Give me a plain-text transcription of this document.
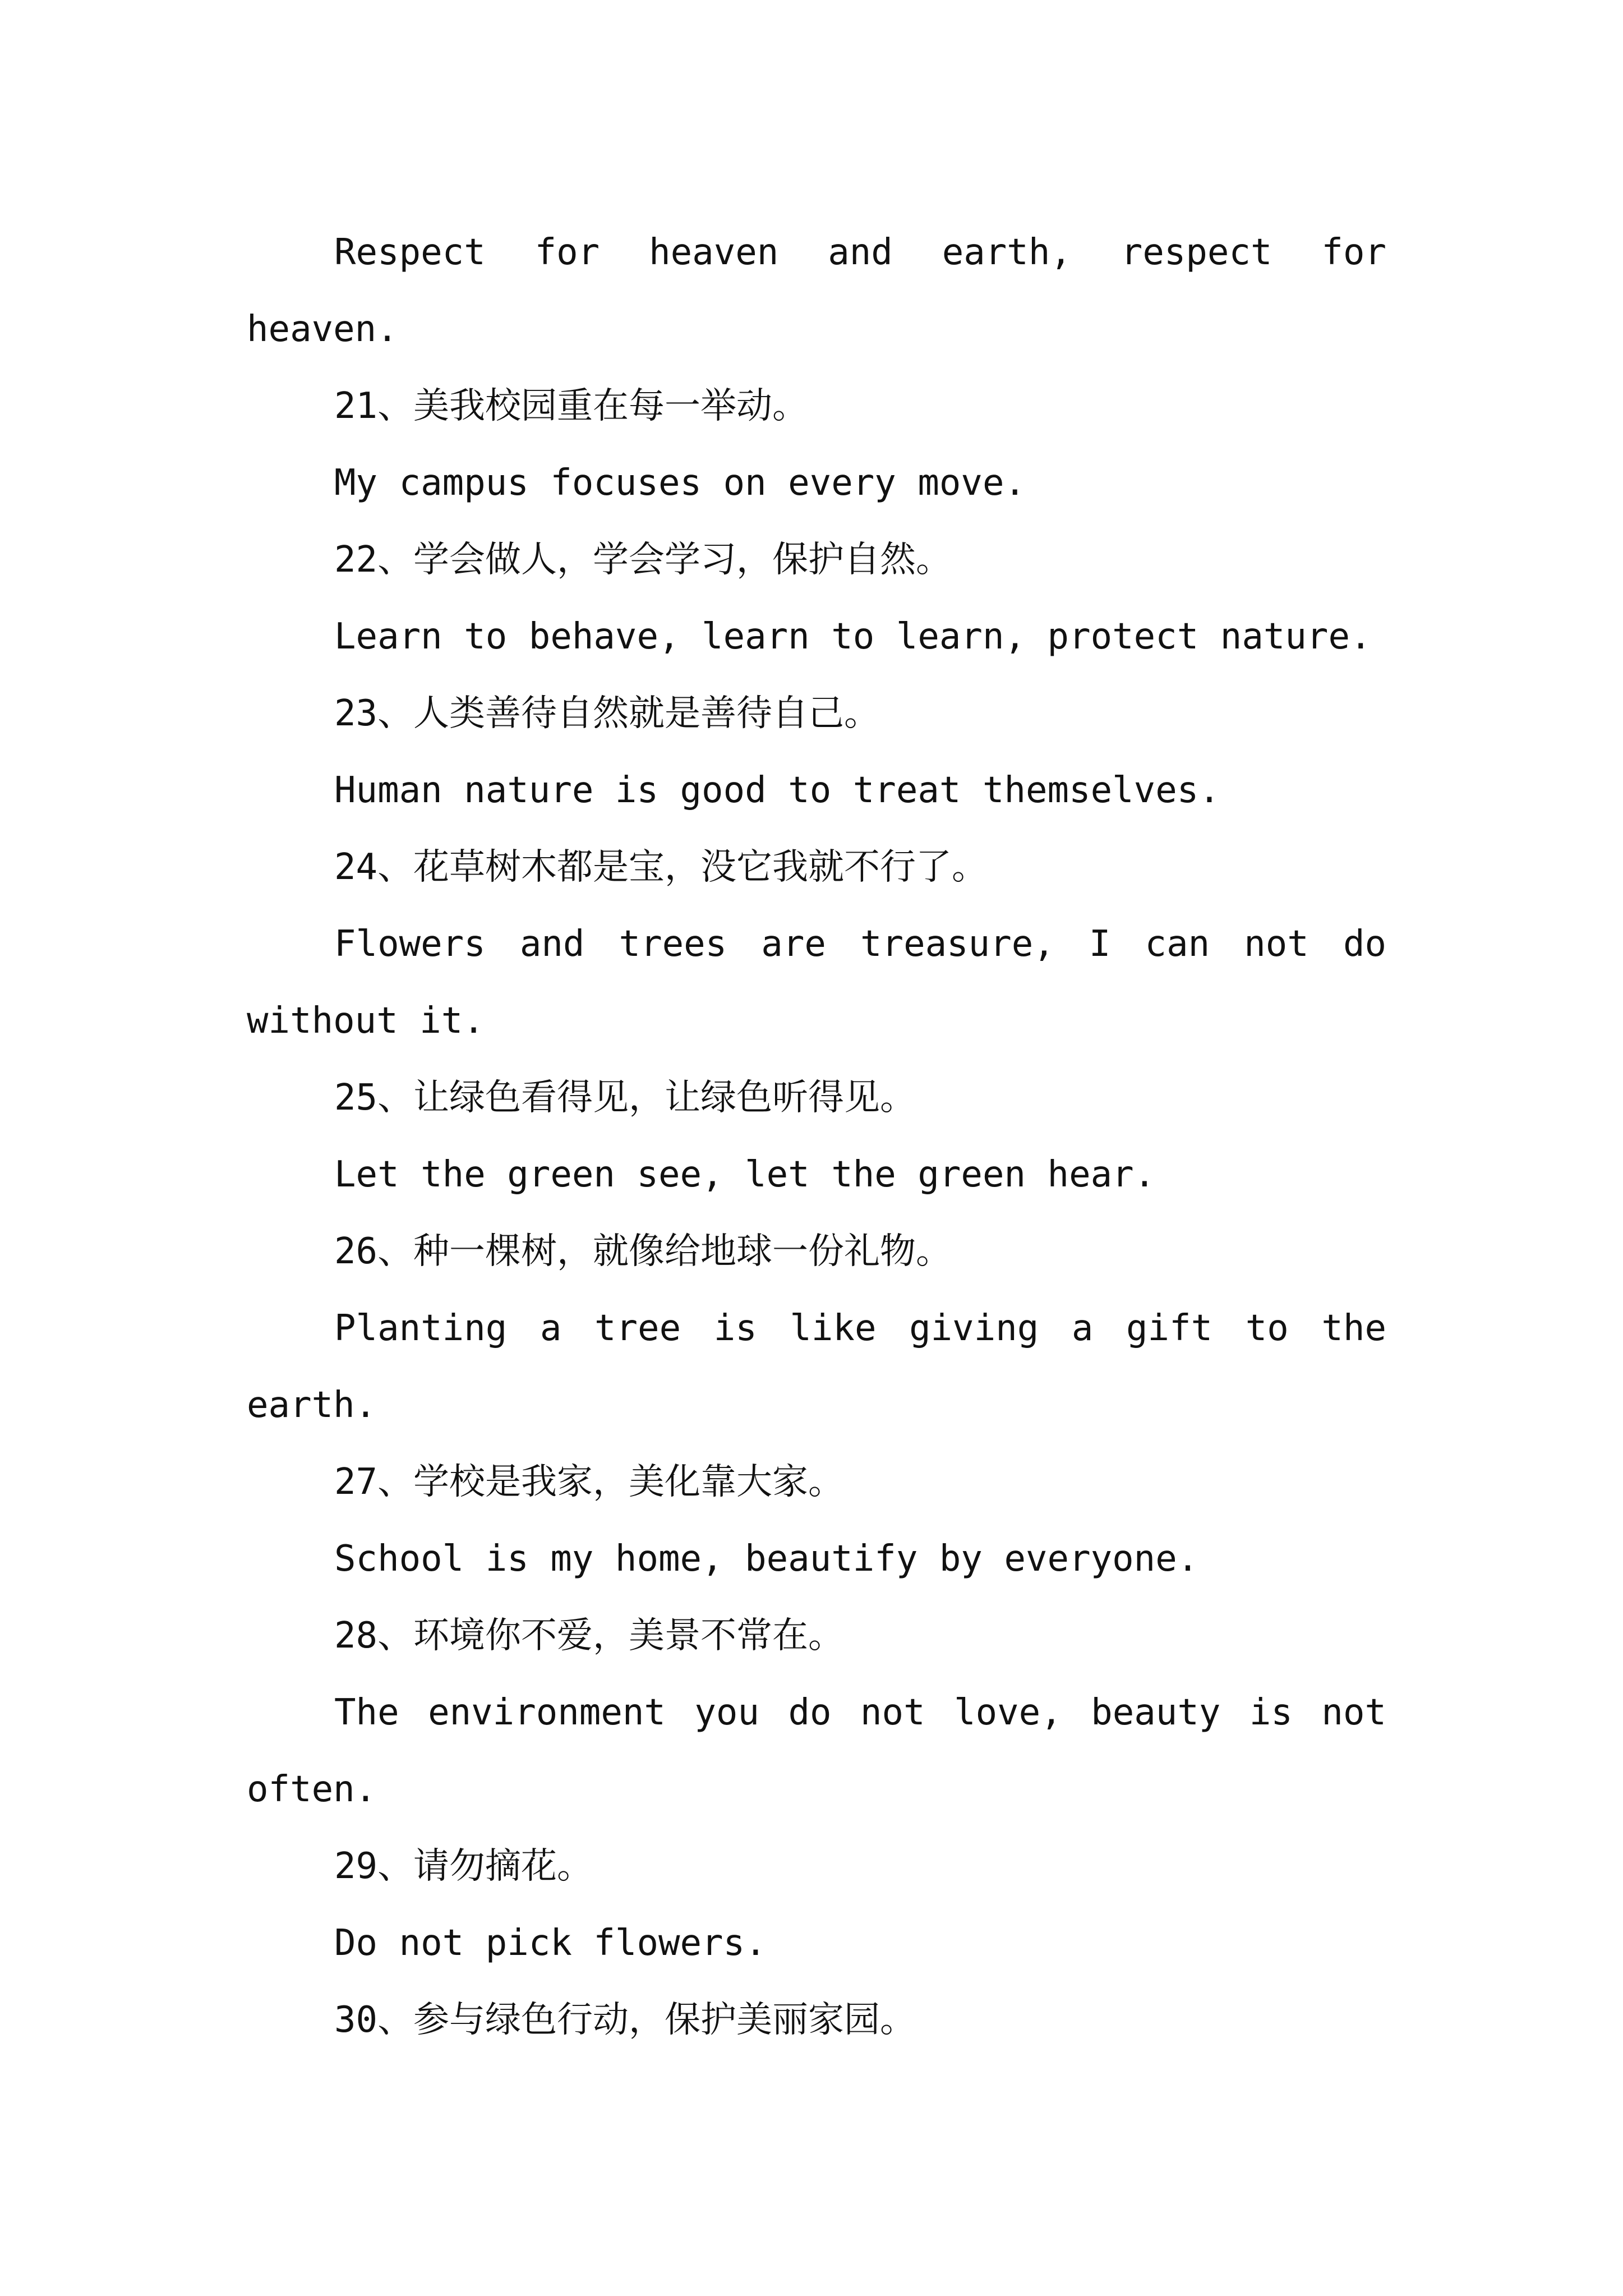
Respect for heaven and earth, respect for

heaven.

21、美我校园重在每一举动。

My campus focuses on every move.

22、学会做人，学会学习，保护自然。

Learn to behave, learn to learn, protect nature.

23、人类善待自然就是善待自己。

Human nature is good to treat themselves.

24、花草树木都是宝，没它我就不行了。

Flowers and trees are treasure, I can not do

without it.

25、让绿色看得见，让绿色听得见。

Let the green see, let the green hear.

26、种一棵树，就像给地球一份礼物。

Planting a tree is like giving a gift to the

earth.

27、学校是我家，美化靠大家。

School is my home, beautify by everyone.

28、环境你不爱，美景不常在。

The environment you do not love, beauty is not

often.

29、请勿摘花。

Do not pick flowers.

30、参与绿色行动，保护美丽家园。
